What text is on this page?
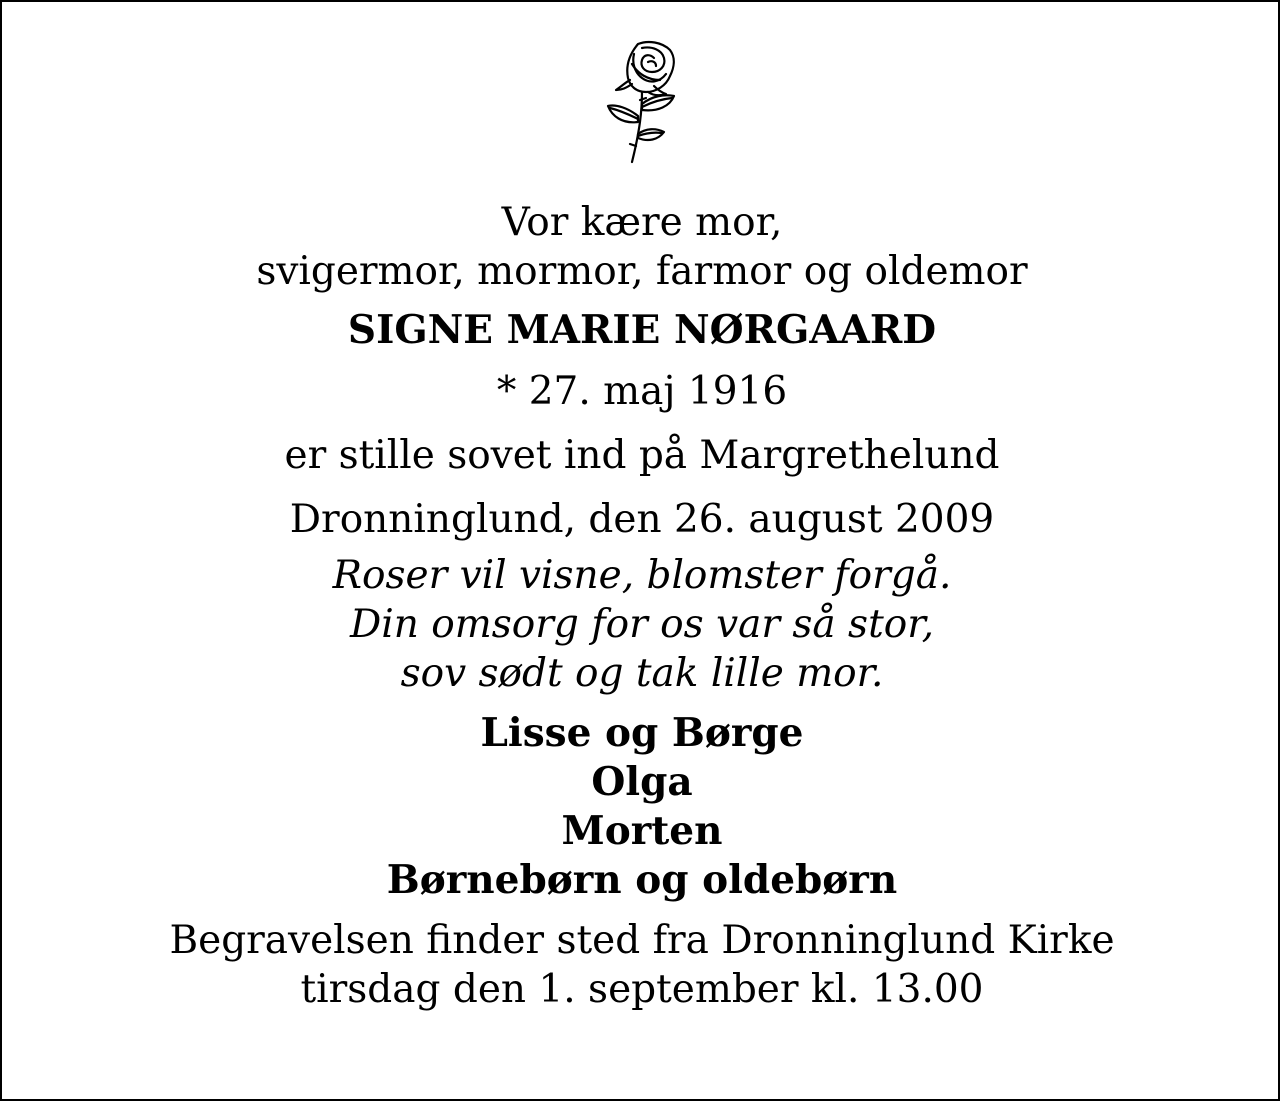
Vor kære mor,
svigermor, mormor, farmor og oldemor
SIGNE MARIE NØRGAARD
* 27. maj 1916
er stille sovet ind på Margrethelund
Dronninglund, den 26. august 2009
Roser vil visne, blomster forgå.
Din omsorg for os var så stor,
sov sødt og tak lille mor.
Lisse og Børge
Olga
Morten
Børnebørn og oldebørn
Begravelsen finder sted fra Dronninglund Kirke
tirsdag den 1. september kl. 13.00
